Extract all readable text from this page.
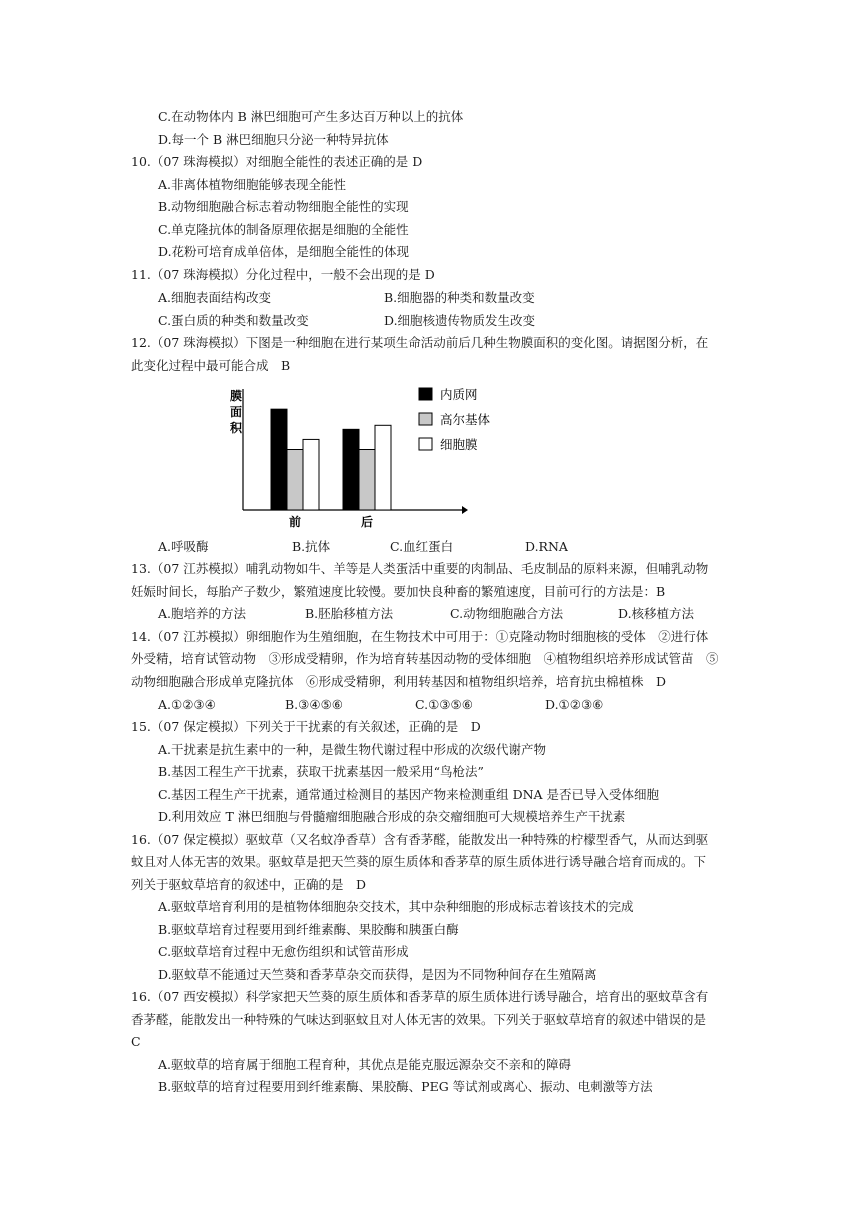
C.在动物体内 B 淋巴细胞可产生多达百万种以上的抗体
D.每一个 B 淋巴细胞只分泌一种特异抗体
10.（07 珠海模拟）对细胞全能性的表述正确的是 D
A.非离体植物细胞能够表现全能性
B.动物细胞融合标志着动物细胞全能性的实现
C.单克隆抗体的制备原理依据是细胞的全能性
D.花粉可培育成单倍体，是细胞全能性的体现
11.（07 珠海模拟）分化过程中，一般不会出现的是 D
A.细胞表面结构改变	B.细胞器的种类和数量改变
C.蛋白质的种类和数量改变	D.细胞核遗传物质发生改变
12.（07 珠海模拟）下图是一种细胞在进行某项生命活动前后几种生物膜面积的变化图。请据图分析，在
此变化过程中最可能合成　B
膜
面
积
前	后
内质网
高尔基体
细胞膜
A.呼吸酶	B.抗体	C.血红蛋白	D.RNA
13.（07 江苏模拟）哺乳动物如牛、羊等是人类蛋活中重要的肉制品、毛皮制品的原料来源，但哺乳动物
妊娠时间长，每胎产子数少，繁殖速度比较慢。要加快良种畜的繁殖速度，目前可行的方法是：B
A.胞培养的方法	B.胚胎移植方法	C.动物细胞融合方法	D.核移植方法
14.（07 江苏模拟）卵细胞作为生殖细胞，在生物技术中可用于：①克隆动物时细胞核的受体　②进行体
外受精，培育试管动物　③形成受精卵，作为培育转基因动物的受体细胞　④植物组织培养形成试管苗　⑤
动物细胞融合形成单克隆抗体　⑥形成受精卵，利用转基因和植物组织培养，培育抗虫棉植株　D
A.①②③④	B.③④⑤⑥	C.①③⑤⑥	D.①②③⑥
15.（07 保定模拟）下列关于干扰素的有关叙述，正确的是　D
A.干扰素是抗生素中的一种，是微生物代谢过程中形成的次级代谢产物
B.基因工程生产干扰素，获取干扰素基因一般采用“鸟枪法”
C.基因工程生产干扰素，通常通过检测目的基因产物来检测重组 DNA 是否已导入受体细胞
D.利用效应 T 淋巴细胞与骨髓瘤细胞融合形成的杂交瘤细胞可大规模培养生产干扰素
16.（07 保定模拟）驱蚊草（又名蚊净香草）含有香茅醛，能散发出一种特殊的柠檬型香气，从而达到驱
蚊且对人体无害的效果。驱蚊草是把天竺葵的原生质体和香茅草的原生质体进行诱导融合培育而成的。下
列关于驱蚊草培育的叙述中，正确的是　D
A.驱蚊草培育利用的是植物体细胞杂交技术，其中杂种细胞的形成标志着该技术的完成
B.驱蚊草培育过程要用到纤维素酶、果胶酶和胰蛋白酶
C.驱蚊草培育过程中无愈伤组织和试管苗形成
D.驱蚊草不能通过天竺葵和香茅草杂交而获得，是因为不同物种间存在生殖隔离
16.（07 西安模拟）科学家把天竺葵的原生质体和香茅草的原生质体进行诱导融合，培育出的驱蚊草含有
香茅醛，能散发出一种特殊的气味达到驱蚊且对人体无害的效果。下列关于驱蚊草培育的叙述中错误的是
C
A.驱蚊草的培育属于细胞工程育种，其优点是能克服远源杂交不亲和的障碍
B.驱蚊草的培育过程要用到纤维素酶、果胶酶、PEG 等试剂或离心、振动、电刺激等方法
